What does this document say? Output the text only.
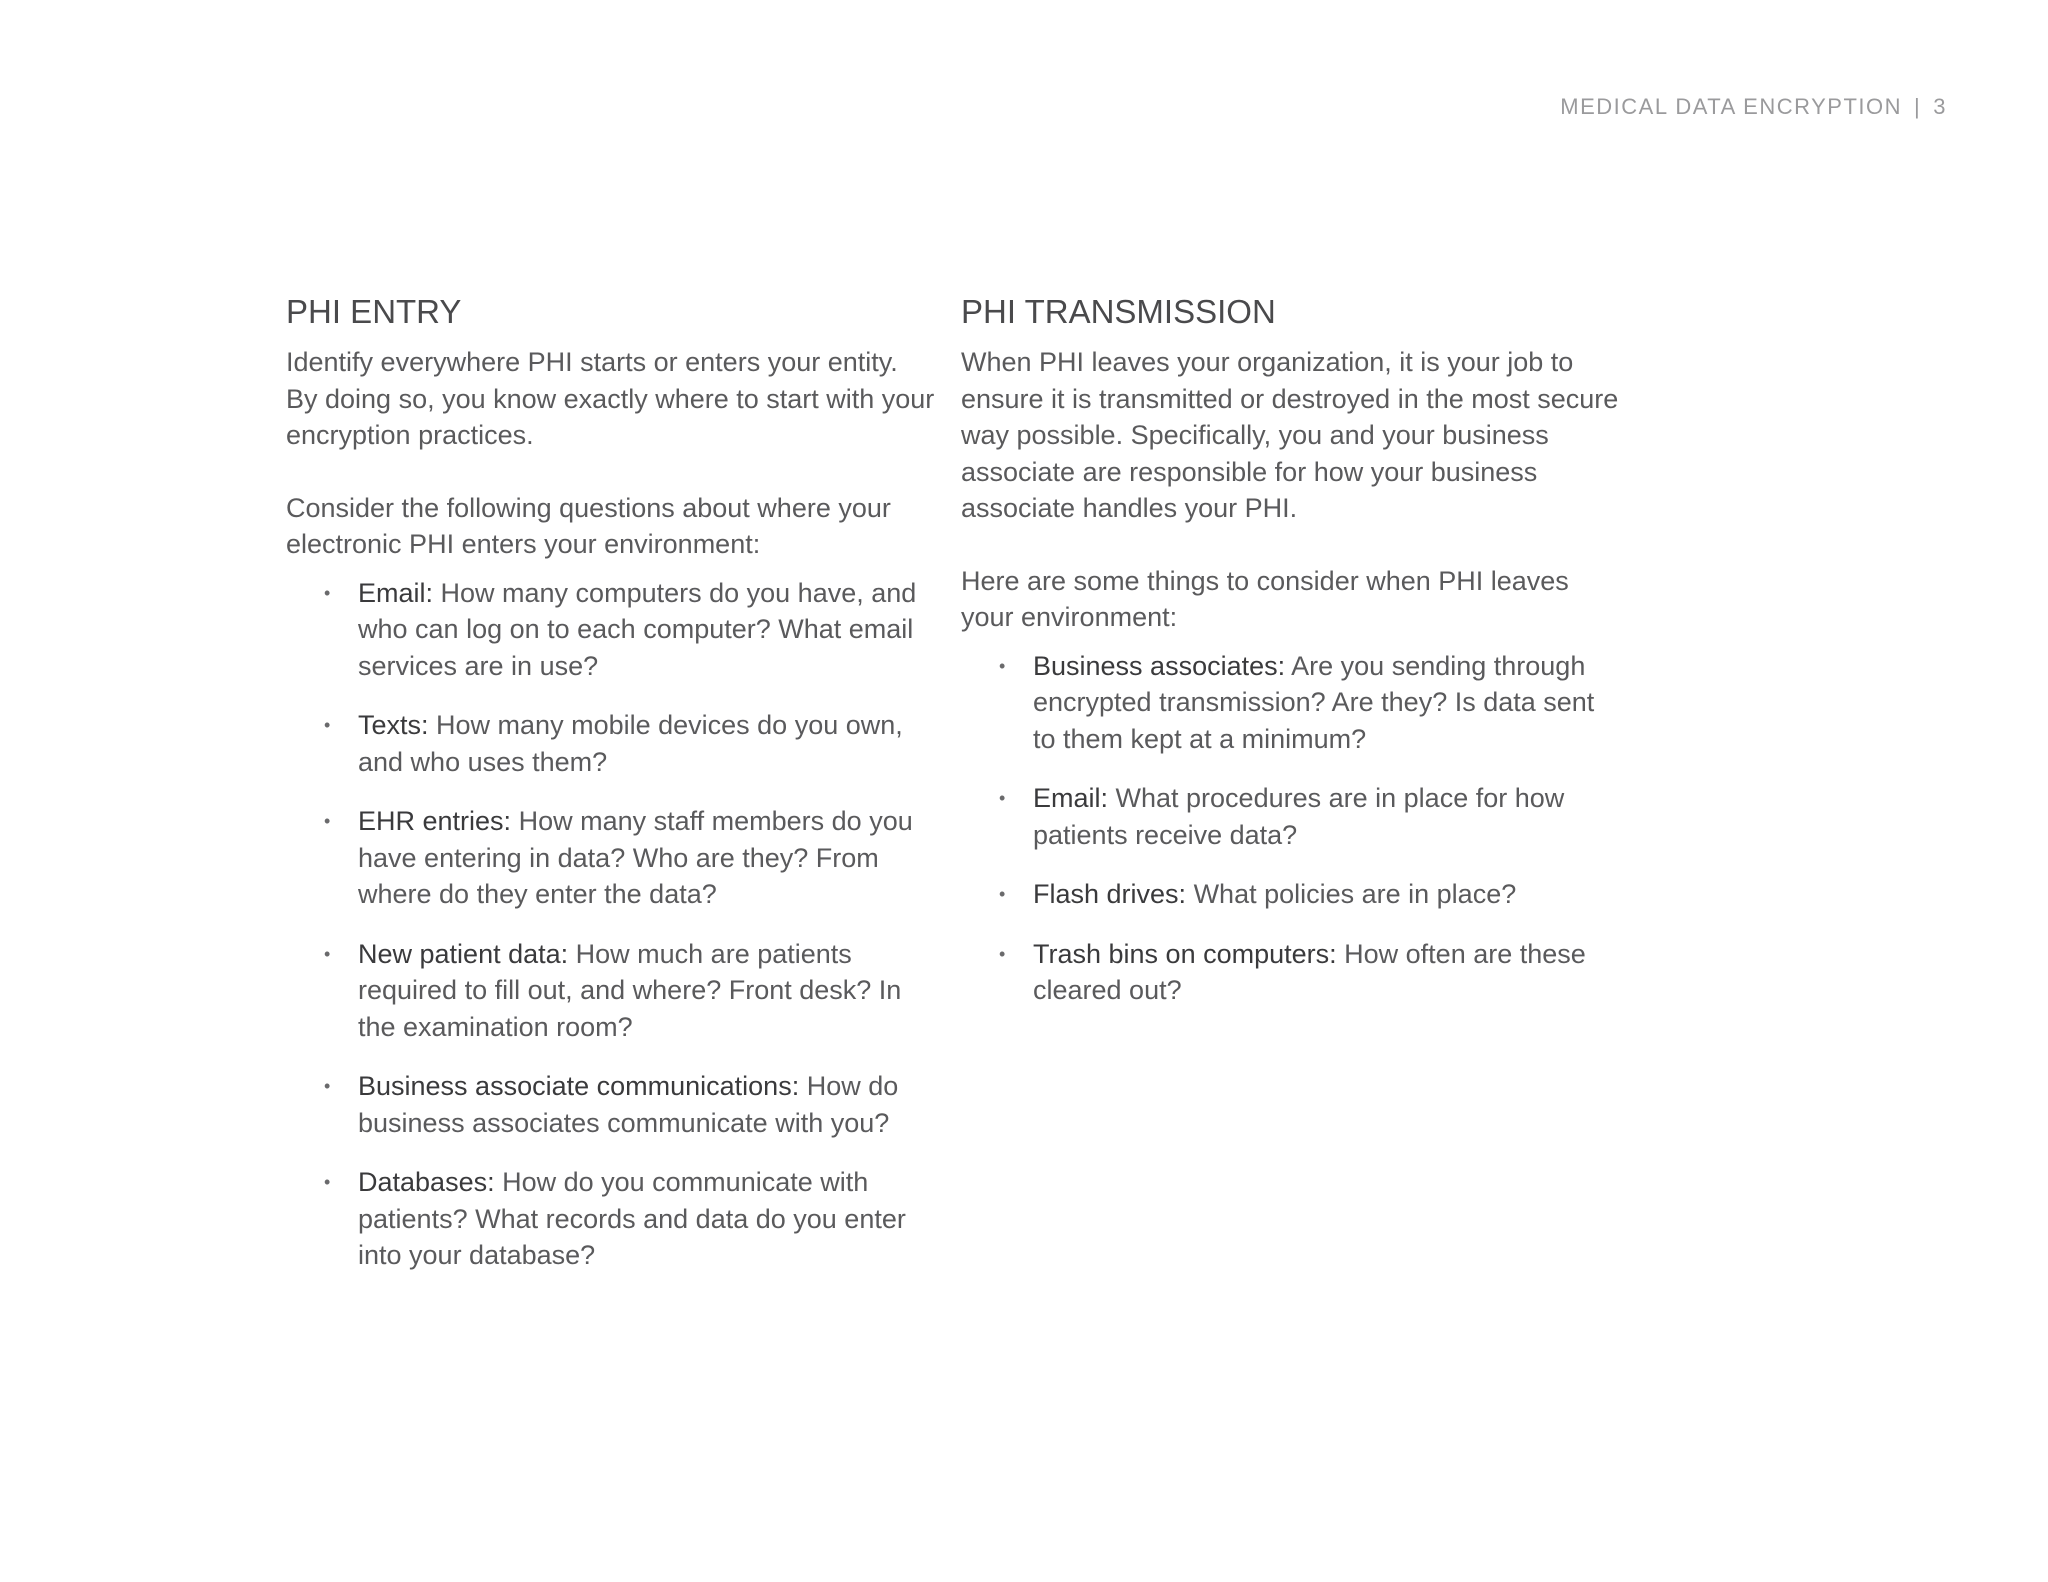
MEDICAL DATA ENCRYPTION | 3
PHI ENTRY

Identify everywhere PHI starts or enters your entity. By doing so, you know exactly where to start with your encryption practices.

Consider the following questions about where your electronic PHI enters your environment:

• Email: How many computers do you have, and who can log on to each computer? What email services are in use?
• Texts: How many mobile devices do you own, and who uses them?
• EHR entries: How many staff members do you have entering in data? Who are they? From where do they enter the data?
• New patient data: How much are patients required to fill out, and where? Front desk? In the examination room?
• Business associate communications: How do business associates communicate with you?
• Databases: How do you communicate with patients? What records and data do you enter into your database?
PHI TRANSMISSION

When PHI leaves your organization, it is your job to ensure it is transmitted or destroyed in the most secure way possible. Specifically, you and your business associate are responsible for how your business associate handles your PHI.

Here are some things to consider when PHI leaves your environment:

• Business associates: Are you sending through encrypted transmission? Are they? Is data sent to them kept at a minimum?
• Email: What procedures are in place for how patients receive data?
• Flash drives: What policies are in place?
• Trash bins on computers: How often are these cleared out?
